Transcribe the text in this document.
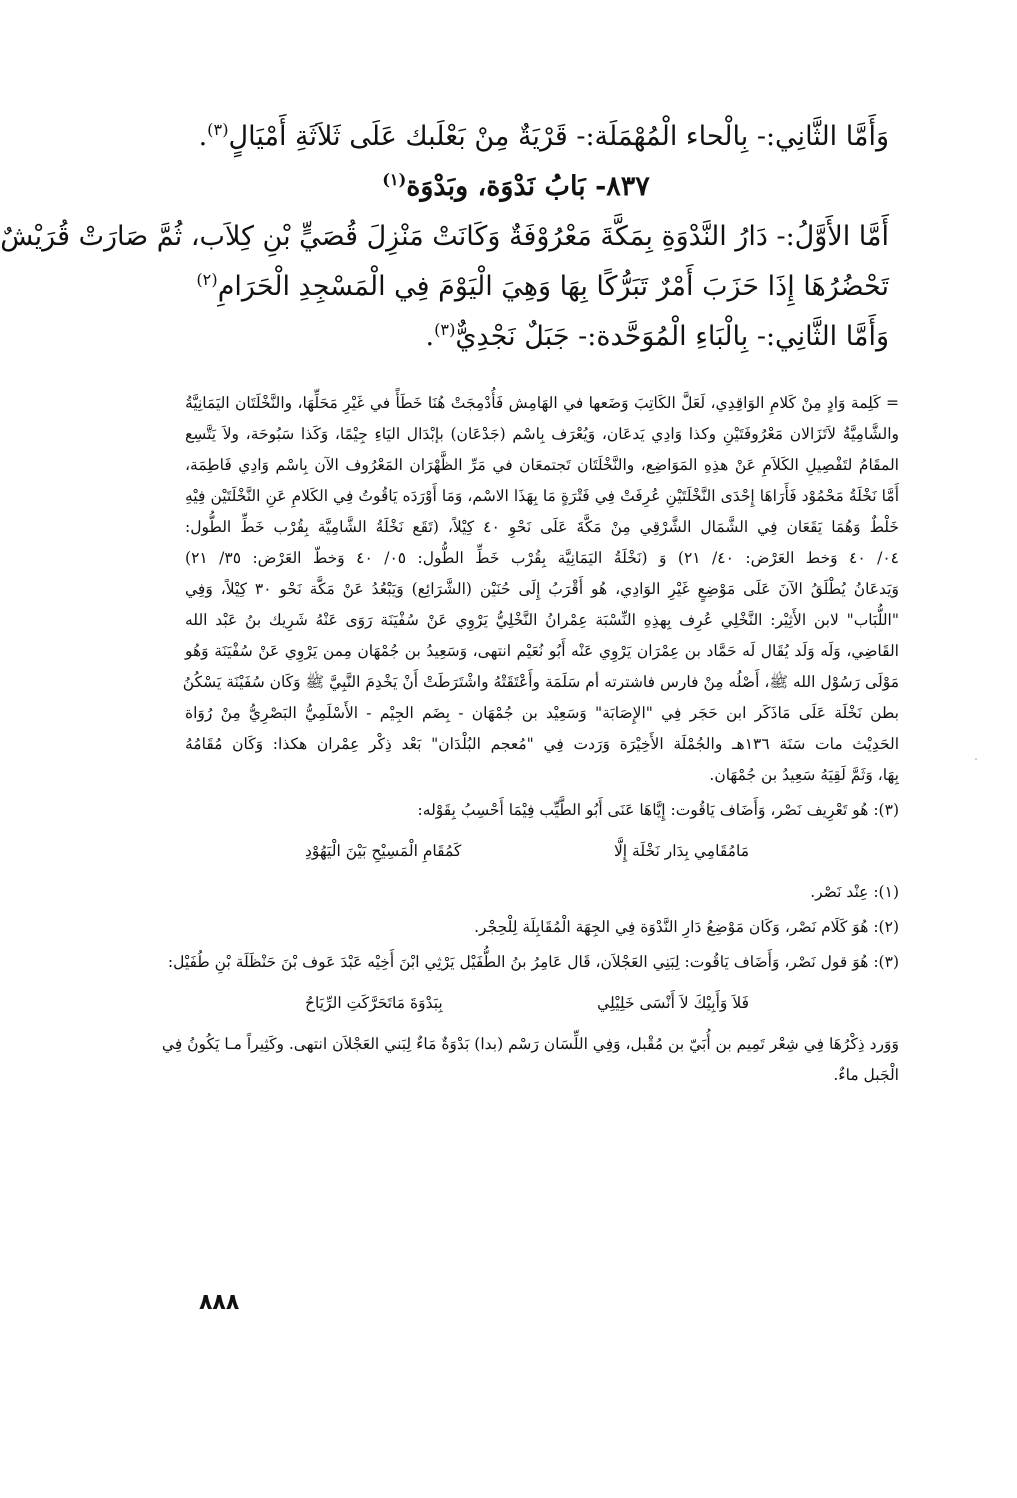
وَأَمَّا الثَّانِي:- بِالْحاء الْمُهْمَلَة:- قَرْيَةٌ مِنْ بَعْلَبك عَلَى ثَلاَثَةِ أَمْيَالٍ$^{(٣)}$.
٨٣٧- بَابُ نَدْوَة، وبَدْوَة$^{(١)}$
أَمَّا الأَوَّلُ:- دَارُ النَّدْوَةِ بِمَكَّةَ مَعْرُوْفَةٌ وَكَانَتْ مَنْزِلَ قُصَيٍّ بْنِ كِلاَب، ثُمَّ صَارَتْ قُرَيْشٌ
تَحْضُرُهَا إِذَا حَزَبَ أَمْرٌ تَبَرُّكًا بِهَا وَهِيَ الْيَوْمَ فِي الْمَسْجِدِ الْحَرَامِ$^{(٢)}$
وَأَمَّا الثَّانِي:- بِالْبَاءِ الْمُوَحَّدة:- جَبَلٌ نَجْدِيٌّ$^{(٣)}$.
= كَلِمة وَادٍ مِنْ كَلامِ الوَاقِدِي، لَعَلَّ الكَاتِبَ وَضَعها في الهَامِش فَأُدْمِجَتْ هُنَا خَطَأً في غَيْرِ مَحَلِّهَا، والنَّخْلَتَان اليَمَانِيَّةُ
والشَّامِيَّةُ لاَتَزَالان مَعْرُوفَتَيْنِ وكذا وَادِي يَدعَان، وَيُعْرَف بِاسْم (جَدْعَان) بإبْدَال اليَاءِ جِيْمًا، وَكَذا سَبُوحَة، ولاَ يَتَّسِع
المقَامُ لتَفْصِيلِ الكَلاَمِ عَنْ هذِهِ المَوَاضِع، والنَّخْلَتَان تَجتمعَان في مَرِّ الظَّهْرَان المَعْرُوف الآن بِاسْم وَادِي فَاطِمَة،
أَمَّا نَخْلَةُ مَحْمُوْد فَأَرَاهَا إِحْدَى النَّخْلَتَيْنِ عُرِفَتْ فِي فَتْرَةٍ مَا بِهَذَا الاسْم، وَمَا أَوْرَدَه يَاقُوتُ فِي الكَلامِ عَنِ النَّخْلَتَيْن فِيْهِ
خَلْطٌ وَهُمَا يَقَعَان فِي الشَّمَال الشَّرْقِي مِنْ مَكَّةَ عَلَى نَحْوِ ٤٠ كِيْلاً، (تَقَع نَخْلَةُ الشَّامِيَّة بِقُرْب خَطِّ الطُّول:
٠٤/ ٤٠ وَخط العَرْض: ٤٠/ ٢١) وَ (نَخْلَةُ اليَمَانِيَّة بِقُرْب خَطِّ الطُّول: ٠٥/ ٤٠ وَخطّ العَرْض: ٣٥/ ٢١)
وَيَدعَانُ يُطْلَقُ الآنَ عَلَى مَوْضِعٍ غَيْرِ الوَادِي، هُو أَقْرَبُ إِلَى حُنَيْن (الشَّرَائِع) وَيَبْعُدُ عَنْ مَكَّة نَحْو ٣٠ كِيْلاً، وَفِي
"اللُّبَاب" لابن الأَثِيْر: النَّخْلِي عُرِف بِهذِهِ النِّسْبَة عِمْرانُ النَّخْلِيُّ يَرْوِي عَنْ سُفْيَنَة رَوَى عَنْهُ شَرِيك بنُ عَبْد الله
القَاضِي، وَلَه وَلَد يُقَال لَه حَمَّاد بن عِمْرَان يَرْوِي عَنْه أَبُو نُعَيْم انتهى، وَسَعِيدُ بن جُمْهَان مِمن يَرْوِي عَنْ سُفْيَنَة وَهُو
مَوْلَى رَسُوْل الله ﷺ، أَصْلُه مِنْ فارس فاشترته أم سَلَمَة وأَعْتَقَتْهُ واشْتَرَطَتْ أَنْ يَخْدِمَ النَّبِيَّ ﷺ وَكَان سُفَيْنَة يَسْكُنُ
بطن نَخْلَة عَلَى مَاذَكَر ابن حَجَر فِي "الإِصَابَة" وَسَعِيْد بن جُمْهَان - بِضَم الجِيْم - الأَسْلَمِيُّ البَصْرِيُّ مِنْ رُوَاة
الحَدِيْث مات سَنَة ١٣٦هـ والجُمْلَة الأَخِيْرَة وَرَدت فِي "مُعجم البُلْدَان" بَعْد ذِكْر عِمْران هكذا: وَكَان مُقَامُهُ
بِهَا، وَثَمَّ لَقِيَهُ سَعِيدُ بن جُمْهَان.
(٣): هُو تَعْرِيف نَصْر، وَأَضَاف يَاقُوت: إِيَّاهَا عَنَى أَبُو الطَّيِّب فِيْمَا أَحْسِبُ بِقَوْله:
مَامُقَامِي بِدَار نَخْلَة إِلَّا
كَمُقَامِ الْمَسِيْحِ بَيْنَ الْيَهُوْدِ
(١): عِنْد نَصْر.
(٢): هُوَ كَلَام نَصْر، وَكَان مَوْضِعُ دَارِ النَّدْوَة فِي الجِهَة الْمُقَابِلَة لِلْحِجْر.
(٣): هُوَ قول نَصْر، وَأَضَاف يَاقُوت: لِبَنِي العَجْلاَن، قَال عَامِرُ بنُ الطُّفَيْل يَرْثِي ابْنَ أَخِيْه عَبْدَ عَوف بْنَ حَنْظَلَة بْنِ طُفَيْل:
فَلاَ وَأَبِيْكَ لاَ أَنْسَى خَلِيْلِي
بِبَدْوَةَ مَاتَحَرَّكَتِ الرِّيَاحُ
وَوَرد ذِكْرُهَا فِي شِعْر تَمِيم بن أُبَيّ بن مُقْبل، وَفِي اللِّسَان رَسْم (بدا) بَدْوَةٌ مَاءٌ لِبَني العَجْلاَن انتهى. وكَثِيراً مـا يَكُونُ فِي
الْجَبل ماءٌ.
٨٨٨
